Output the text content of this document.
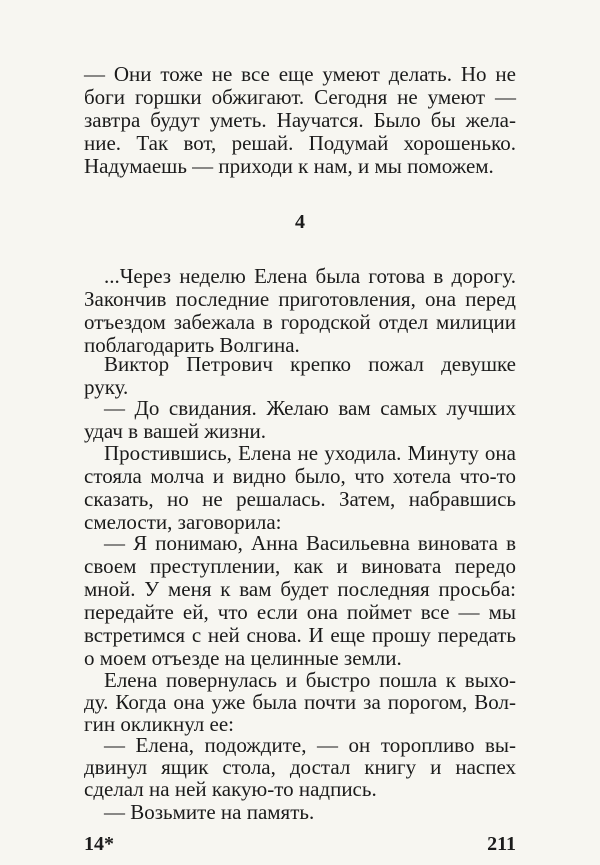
— Они тоже не все еще умеют делать. Но не
боги горшки обжигают. Сегодня не умеют —
завтра будут уметь. Научатся. Было бы жела-
ние. Так вот, решай. Подумай хорошенько.
Надумаешь — приходи к нам, и мы поможем.
4
...Через неделю Елена была готова в дорогу.
Закончив последние приготовления, она перед
отъездом забежала в городской отдел милиции
поблагодарить Волгина.
Виктор Петрович крепко пожал девушке
руку.
— До свидания. Желаю вам самых лучших
удач в вашей жизни.
Простившись, Елена не уходила. Минуту она
стояла молча и видно было, что хотела что-то
сказать, но не решалась. Затем, набравшись
смелости, заговорила:
— Я понимаю, Анна Васильевна виновата в
своем преступлении, как и виновата передо
мной. У меня к вам будет последняя просьба:
передайте ей, что если она поймет все — мы
встретимся с ней снова. И еще прошу передать
о моем отъезде на целинные земли.
14*	211
Елена повернулась и быстро пошла к выхо-
ду. Когда она уже была почти за порогом, Вол-
гин окликнул ее:
— Елена, подождите, — он торопливо вы-
двинул ящик стола, достал книгу и наспех
сделал на ней какую-то надпись.
— Возьмите на память.
